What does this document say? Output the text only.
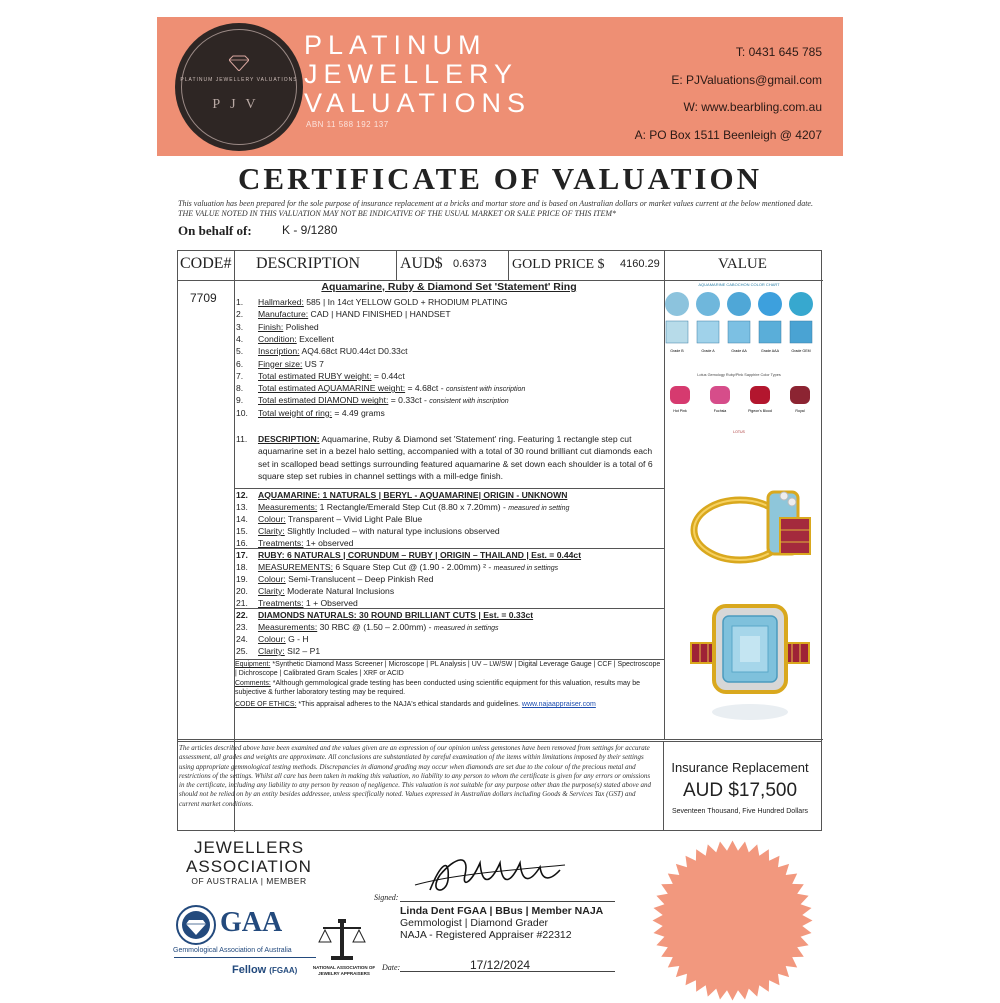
PLATINUM JEWELLERY VALUATIONS
PJV
PLATINUM
JEWELLERY
VALUATIONS
ABN 11 588 192 137
T: 0431 645 785
E: PJValuations@gmail.com
W: www.bearbling.com.au
A: PO Box 1511 Beenleigh @ 4207
CERTIFICATE OF VALUATION
This valuation has been prepared for the sole purpose of insurance replacement at a bricks and mortar store and is based on Australian dollars or market values current at the below mentioned date.
THE VALUE NOTED IN THIS VALUATION MAY NOT BE INDICATIVE OF THE USUAL MARKET OR SALE PRICE OF THIS ITEM*
On behalf of:	K - 9/1280
CODE# DESCRIPTION AUD$ 0.6373 GOLD PRICE $ 4160.29	VALUE
7709
Aquamarine, Ruby & Diamond Set 'Statement' Ring
11. DESCRIPTION: Aquamarine, Ruby & Diamond set 'Statement' ring. Featuring 1 rectangle step cut aquamarine set in a bezel halo setting, accompanied with a total of 30 round brilliant cut diamonds each set in scalloped bead settings surrounding featured aquamarine & set down each shoulder is a total of 6 square step set rubies in channel settings with a mill-edge finish.
Equipment: *Synthetic Diamond Mass Screener | Microscope | PL Analysis | UV – LW/SW | Digital Leverage Gauge | CCF | Spectroscope | Dichroscope | Calibrated Gram Scales | XRF or ACID
Comments: *Although gemmological grade testing has been conducted using scientific equipment for this valuation, results may be subjective & further laboratory testing may be required.
CODE OF ETHICS: *This appraisal adheres to the NAJA's ethical standards and guidelines. www.najaappraiser.com
1. Hallmarked: 585 | In 14ct YELLOW GOLD + RHODIUM PLATING
2. Manufacture: CAD | HAND FINISHED | HANDSET
3. Finish: Polished
4. Condition: Excellent
5. Inscription: AQ4.68ct RU0.44ct D0.33ct
6. Finger size: US 7
7. Total estimated RUBY weight: = 0.44ct
8. Total estimated AQUAMARINE weight: = 4.68ct - consistent with inscription
9. Total estimated DIAMOND weight: = 0.33ct - consistent with inscription
10. Total weight of ring: = 4.49 grams
12. AQUAMARINE: 1 NATURALS | BERYL - AQUAMARINE| ORIGIN - UNKNOWN
13. Measurements: 1 Rectangle/Emerald Step Cut (8.80 x 7.20mm) - measured in setting
14. Colour: Transparent – Vivid Light Pale Blue
15. Clarity: Slightly Included – with natural type inclusions observed
16. Treatments: 1+ observed
17. RUBY: 6 NATURALS | CORUNDUM – RUBY | ORIGIN – THAILAND | Est. = 0.44ct
18. MEASUREMENTS: 6 Square Step Cut @ (1.90 - 2.00mm) ² - measured in settings
19. Colour: Semi-Translucent – Deep Pinkish Red
20. Clarity: Moderate Natural Inclusions
21. Treatments: 1 + Observed
22. DIAMONDS NATURALS: 30 ROUND BRILLIANT CUTS | Est. = 0.33ct
23. Measurements: 30 RBC @ (1.50 – 2.00mm) - measured in settings
24. Colour: G - H
25. Clarity: SI2 – P1
AQUAMARINE CABOCHON COLOR CHART
Grade B	Grade A	Grade AA	Grade AAA	Grade GEM
Lotus Gemology Ruby/Pink Sapphire Color Types
Hot Pink	Fuchsia	Pigeon's Blood	Royal
LOTUS
The articles described above have been examined and the values given are an expression of our opinion unless gemstones have been removed from settings for accurate assessment, all grades and weights are approximate. All conclusions are substantiated by careful examination of the items within limitations imposed by their settings using appropriate gemmological testing methods. Discrepancies in diamond grading may occur when diamonds are set due to the colour of the precious metal and restrictions of the settings. Whilst all care has been taken in making this valuation, no liability to any person to whom the certificate is given for any errors or omissions in the certificate, including any liability to any person by reason of negligence. This valuation is not suitable for any purpose other than the purpose(s) stated above and should not be relied on by an entity besides addressee, unless specifically noted. Values expressed in Australian dollars including Goods & Services Tax (GST) and current market conditions.
Insurance Replacement
AUD $17,500
Seventeen Thousand, Five Hundred Dollars
JEWELLERS
ASSOCIATION
OF AUSTRALIA | MEMBER
GAA
Gemmological Association of Australia
Fellow (FGAA)	NATIONAL ASSOCIATION OF JEWELRY APPRAISERS
Signed:
Linda Dent FGAA | BBus | Member NAJA
Gemmologist | Diamond Grader
NAJA - Registered Appraiser #22312
Date:	17/12/2024
